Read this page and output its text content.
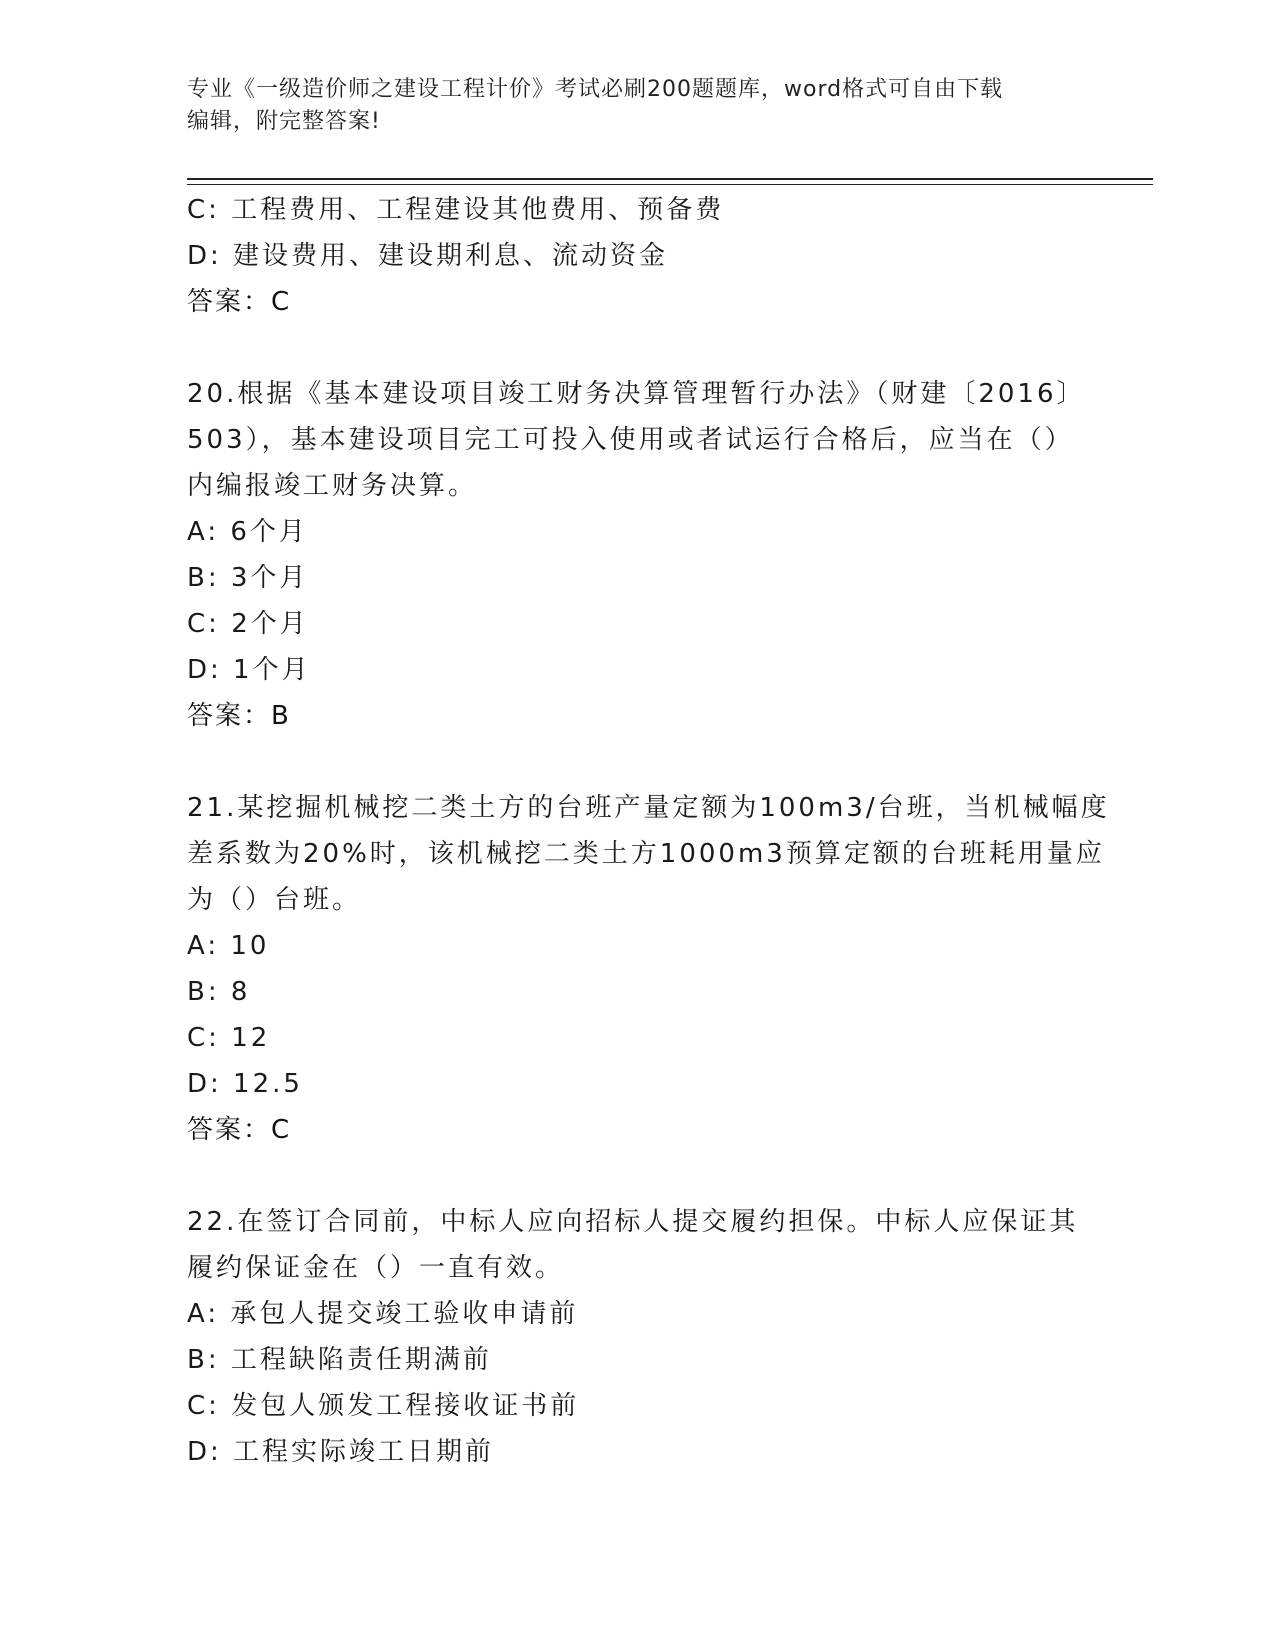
专业《一级造价师之建设工程计价》考试必刷200题题库，word格式可自由下载
编辑，附完整答案!
C: 工程费用、工程建设其他费用、预备费
D: 建设费用、建设期利息、流动资金
答案：C
20.根据《基本建设项目竣工财务决算管理暂行办法》（财建〔2016〕
503），基本建设项目完工可投入使用或者试运行合格后，应当在（）
内编报竣工财务决算。
A: 6个月
B: 3个月
C: 2个月
D: 1个月
答案：B
21.某挖掘机械挖二类土方的台班产量定额为100m3/台班，当机械幅度
差系数为20%时，该机械挖二类土方1000m3预算定额的台班耗用量应
为（）台班。
A: 10
B: 8
C: 12
D: 12.5
答案：C
22.在签订合同前，中标人应向招标人提交履约担保。中标人应保证其
履约保证金在（）一直有效。
A: 承包人提交竣工验收申请前
B: 工程缺陷责任期满前
C: 发包人颁发工程接收证书前
D: 工程实际竣工日期前
